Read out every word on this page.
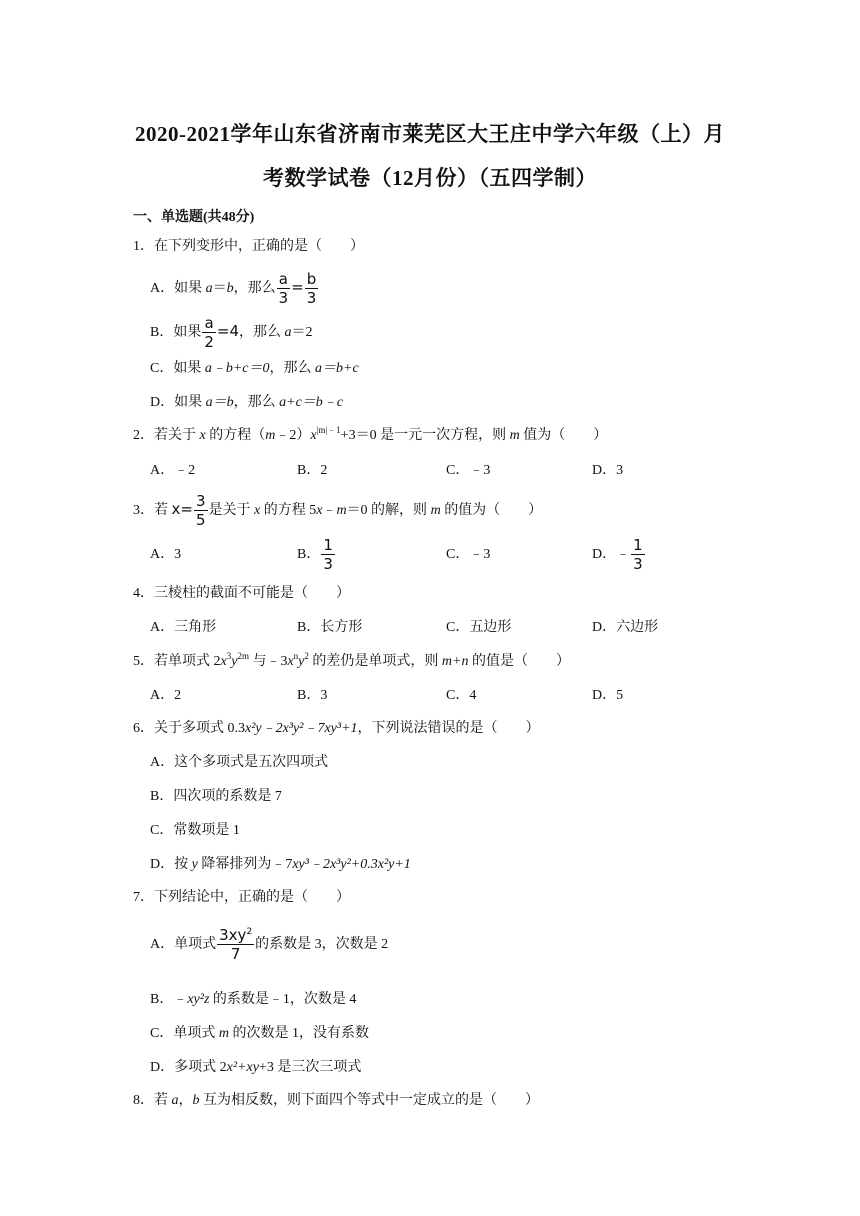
2020-2021学年山东省济南市莱芜区大王庄中学六年级（上）月
考数学试卷（12月份）（五四学制）
一、单选题(共48分)
1．在下列变形中，正确的是（　　）
A．如果 a＝b，那么 $\frac{a}{3} = \frac{b}{3}$
B．如果 $\frac{a}{2} =4$，那么 a＝2
C．如果 a﹣b+c＝0，那么 a＝b+c
D．如果 a＝b，那么 a+c＝b﹣c
2．若关于 x 的方程$(m﹣2)x^{|m|﹣1}+3=0$ 是一元一次方程，则 m 值为（　　）
A．﹣2	B．2	C．﹣3	D．3
3．若 $x= \frac{3}{5}$ 是关于 x 的方程 5x﹣m＝0 的解，则 m 的值为（　　）
A．3	B． $\frac{1}{3}$	C．﹣3	D．﹣ $\frac{1}{3}$
4．三棱柱的截面不可能是（　　）
A．三角形	B．长方形	C．五边形	D．六边形
5．若单项式 $2x^3y^{2m}$ 与$﹣3x^ny^2$ 的差仍是单项式，则 m+n 的值是（　　）
A．2	B．3	C．4	D．5
6．关于多项式 0.3x²y﹣2x³y²﹣7xy³+1，下列说法错误的是（　　）
A．这个多项式是五次四项式
B．四次项的系数是 7
C．常数项是 1
D．按 y 降幂排列为﹣7xy³﹣2x³y²+0.3x²y+1
7．下列结论中，正确的是（　　）
A．单项式 $\frac{3xy^2}{7}$ 的系数是 3，次数是 2
B．﹣xy²z 的系数是﹣1，次数是 4
C．单项式 m 的次数是 1，没有系数
D．多项式 2x²+xy+3 是三次三项式
8．若 a，b 互为相反数，则下面四个等式中一定成立的是（　　）
